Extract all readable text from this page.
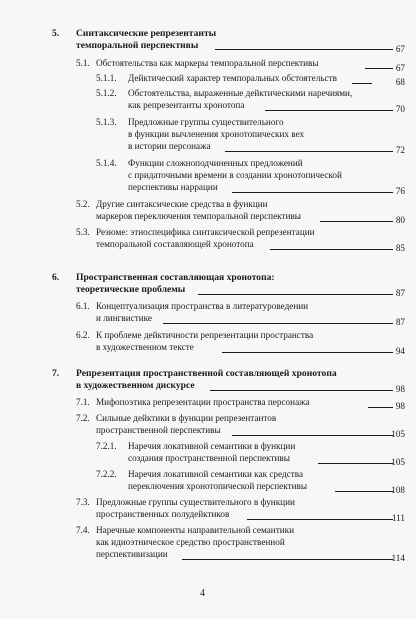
5. Синтаксические репрезентанты
темпоральной перспективы	67
5.1. Обстоятельства как маркеры темпоральной перспективы	67
5.1.1. Дейктический характер темпоральных обстоятельств	68
5.1.2. Обстоятельства, выраженные дейктическими наречиями,
как репрезентанты хронотопа	70
5.1.3. Предложные группы существительного
в функции вычленения хронотопических вех
в истории персонажа	72
5.1.4. Функции сложноподчиненных предложений
с придаточными времени в создании хронотопической
перспективы наррации	76
5.2. Другие синтаксические средства в функции
маркеров переключения темпоральной перспективы	80
5.3. Резюме: этноспецифика синтаксической репрезентации
темпоральной составляющей хронотопа	85
6. Пространственная составляющая хронотопа:
теоретические проблемы	87
6.1. Концептуализация пространства в литературоведении
и лингвистике	87
6.2. К проблеме дейктичности репрезентации пространства
в художественном тексте	94
7. Репрезентация пространственной составляющей хронотопа
в художественном дискурсе	98
7.1. Мифопоэтика репрезентации пространства персонажа	98
7.2. Сильные дейктики в функции репрезентантов
пространственной перспективы	105
7.2.1. Наречия локативной семантики в функции
создания пространственной перспективы	105
7.2.2. Наречия локативной семантики как средства
переключения хронотопической перспективы	108
7.3. Предложные группы существительного в функции
пространственных полудейктиков	111
7.4. Наречные компоненты направительной семантики
как идиоэтническое средство пространственной
перспективизации	114
4
